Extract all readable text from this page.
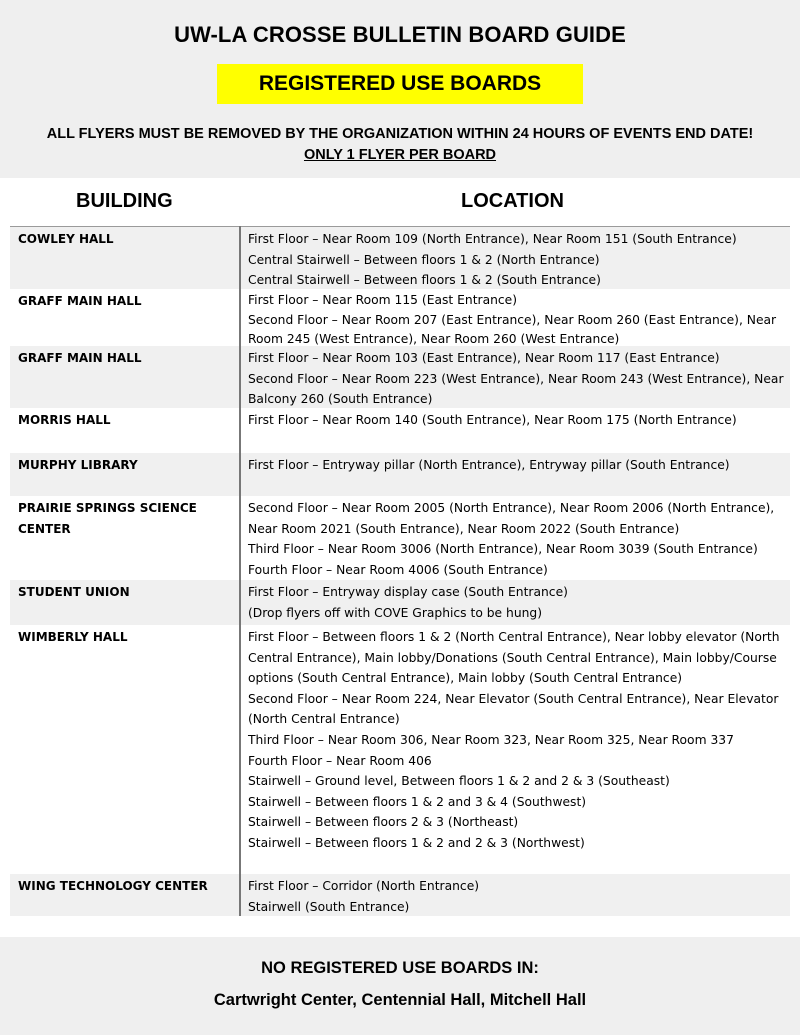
UW-LA CROSSE BULLETIN BOARD GUIDE
REGISTERED USE BOARDS
ALL FLYERS MUST BE REMOVED BY THE ORGANIZATION WITHIN 24 HOURS OF EVENTS END DATE! ONLY 1 FLYER PER BOARD
BUILDING	LOCATION
COWLEY HALL	First Floor – Near Room 109 (North Entrance), Near Room 151 (South Entrance)
Central Stairwell – Between floors 1 & 2 (North Entrance)
Central Stairwell – Between floors 1 & 2 (South Entrance)
GRAFF MAIN HALL	First Floor – Near Room 115 (East Entrance)
Second Floor – Near Room 207 (East Entrance), Near Room 260 (East Entrance), Near Room 245 (West Entrance), Near Room 260 (West Entrance)
GRAFF MAIN HALL	First Floor – Near Room 103 (East Entrance), Near Room 117 (East Entrance)
Second Floor – Near Room 223 (West Entrance), Near Room 243 (West Entrance), Near Balcony 260 (South Entrance)
MORRIS HALL	First Floor – Near Room 140 (South Entrance), Near Room 175 (North Entrance)
MURPHY LIBRARY	First Floor – Entryway pillar (North Entrance), Entryway pillar (South Entrance)
PRAIRIE SPRINGS SCIENCE CENTER
Second Floor – Near Room 2005 (North Entrance), Near Room 2006 (North Entrance), Near Room 2021 (South Entrance), Near Room 2022 (South Entrance)
Third Floor – Near Room 3006 (North Entrance), Near Room 3039 (South Entrance)
Fourth Floor – Near Room 4006 (South Entrance)
STUDENT UNION	First Floor – Entryway display case (South Entrance)
(Drop flyers off with COVE Graphics to be hung)
WIMBERLY HALL	First Floor – Between floors 1 & 2 (North Central Entrance), Near lobby elevator (North Central Entrance), Main lobby/Donations (South Central Entrance), Main lobby/Course options (South Central Entrance), Main lobby (South Central Entrance)
Second Floor – Near Room 224, Near Elevator (South Central Entrance), Near Elevator (North Central Entrance)
Third Floor – Near Room 306, Near Room 323, Near Room 325, Near Room 337
Fourth Floor – Near Room 406
Stairwell – Ground level, Between floors 1 & 2 and 2 & 3 (Southeast)
Stairwell – Between floors 1 & 2 and 3 & 4 (Southwest)
Stairwell – Between floors 2 & 3 (Northeast)
Stairwell – Between floors 1 & 2 and 2 & 3 (Northwest)
WING TECHNOLOGY CENTER	First Floor – Corridor (North Entrance)
Stairwell (South Entrance)
NO REGISTERED USE BOARDS IN:
Cartwright Center, Centennial Hall, Mitchell Hall
